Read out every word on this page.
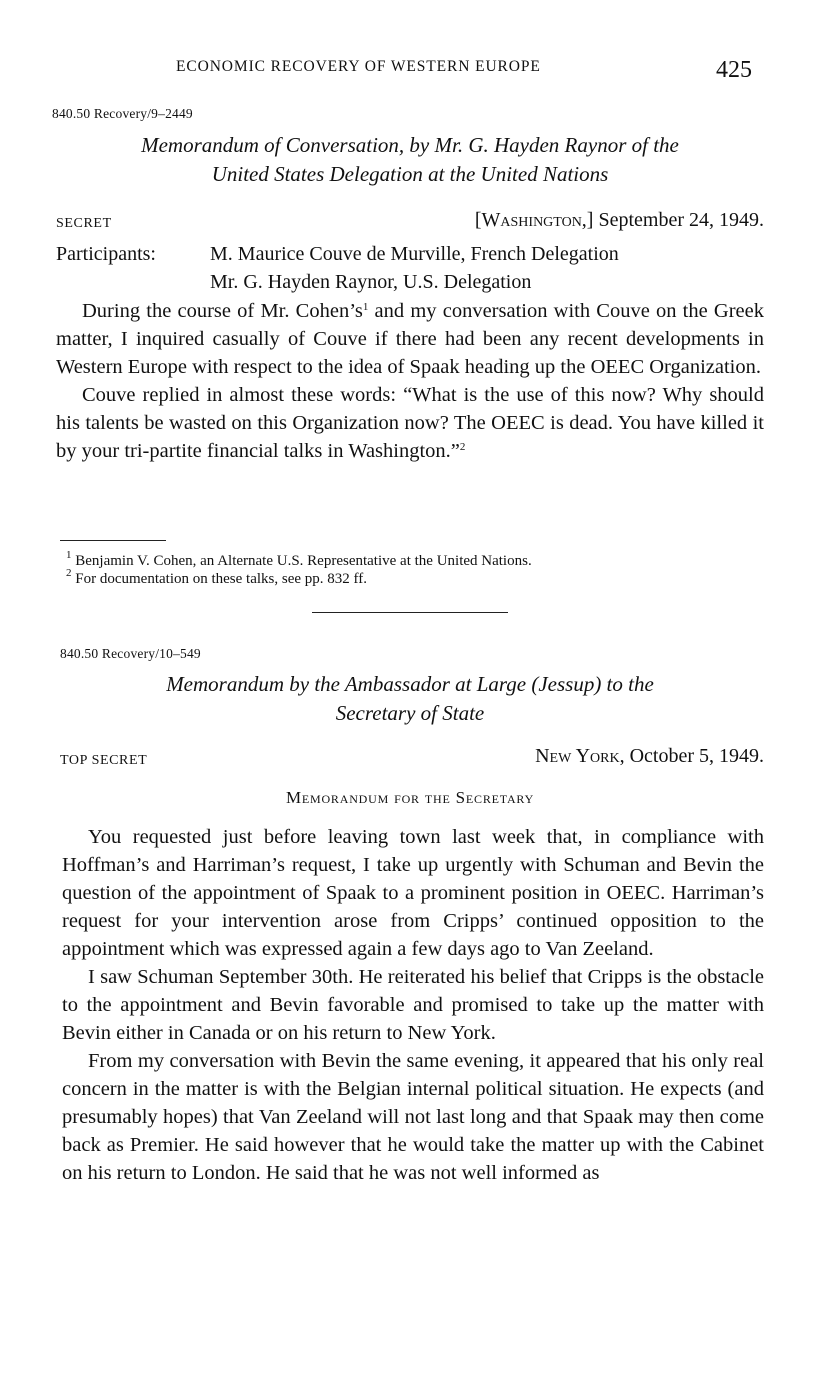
ECONOMIC RECOVERY OF WESTERN EUROPE	425
840.50 Recovery/9–2449
Memorandum of Conversation, by Mr. G. Hayden Raynor of the
United States Delegation at the United Nations
SECRET	[Washington,] September 24, 1949.
Participants:	M. Maurice Couve de Murville, French Delegation
Mr. G. Hayden Raynor, U.S. Delegation

During the course of Mr. $Cohen’s^1$ and my conversation with Couve on the Greek matter, I inquired casually of Couve if there had been any recent developments in Western Europe with respect to the idea of Spaak heading up the OEEC Organization.

Couve replied in almost these words: “What is the use of this now? Why should his talents be wasted on this Organization now? The OEEC is dead. You have killed it by your tri-partite financial talks in Washington.”$^2$

$^1$ Benjamin V. Cohen, an Alternate U.S. Representative at the United Nations.

$^2$ For documentation on these talks, see pp. 832 ff.

840.50 Recovery/10–549
Memorandum by the Ambassador at Large (Jessup) to the
Secretary of State
TOP SECRET	New York, October 5, 1949.
Memorandum for the Secretary

You requested just before leaving town last week that, in compliance with Hoffman’s and Harriman’s request, I take up urgently with Schuman and Bevin the question of the appointment of Spaak to a prominent position in OEEC. Harriman’s request for your intervention arose from Cripps’ continued opposition to the appointment which was expressed again a few days ago to Van Zeeland.

I saw Schuman September 30th. He reiterated his belief that Cripps is the obstacle to the appointment and Bevin favorable and promised to take up the matter with Bevin either in Canada or on his return to New York.

From my conversation with Bevin the same evening, it appeared that his only real concern in the matter is with the Belgian internal political situation. He expects (and presumably hopes) that Van Zeeland will not last long and that Spaak may then come back as Premier. He said however that he would take the matter up with the Cabinet on his return to London. He said that he was not well informed as
